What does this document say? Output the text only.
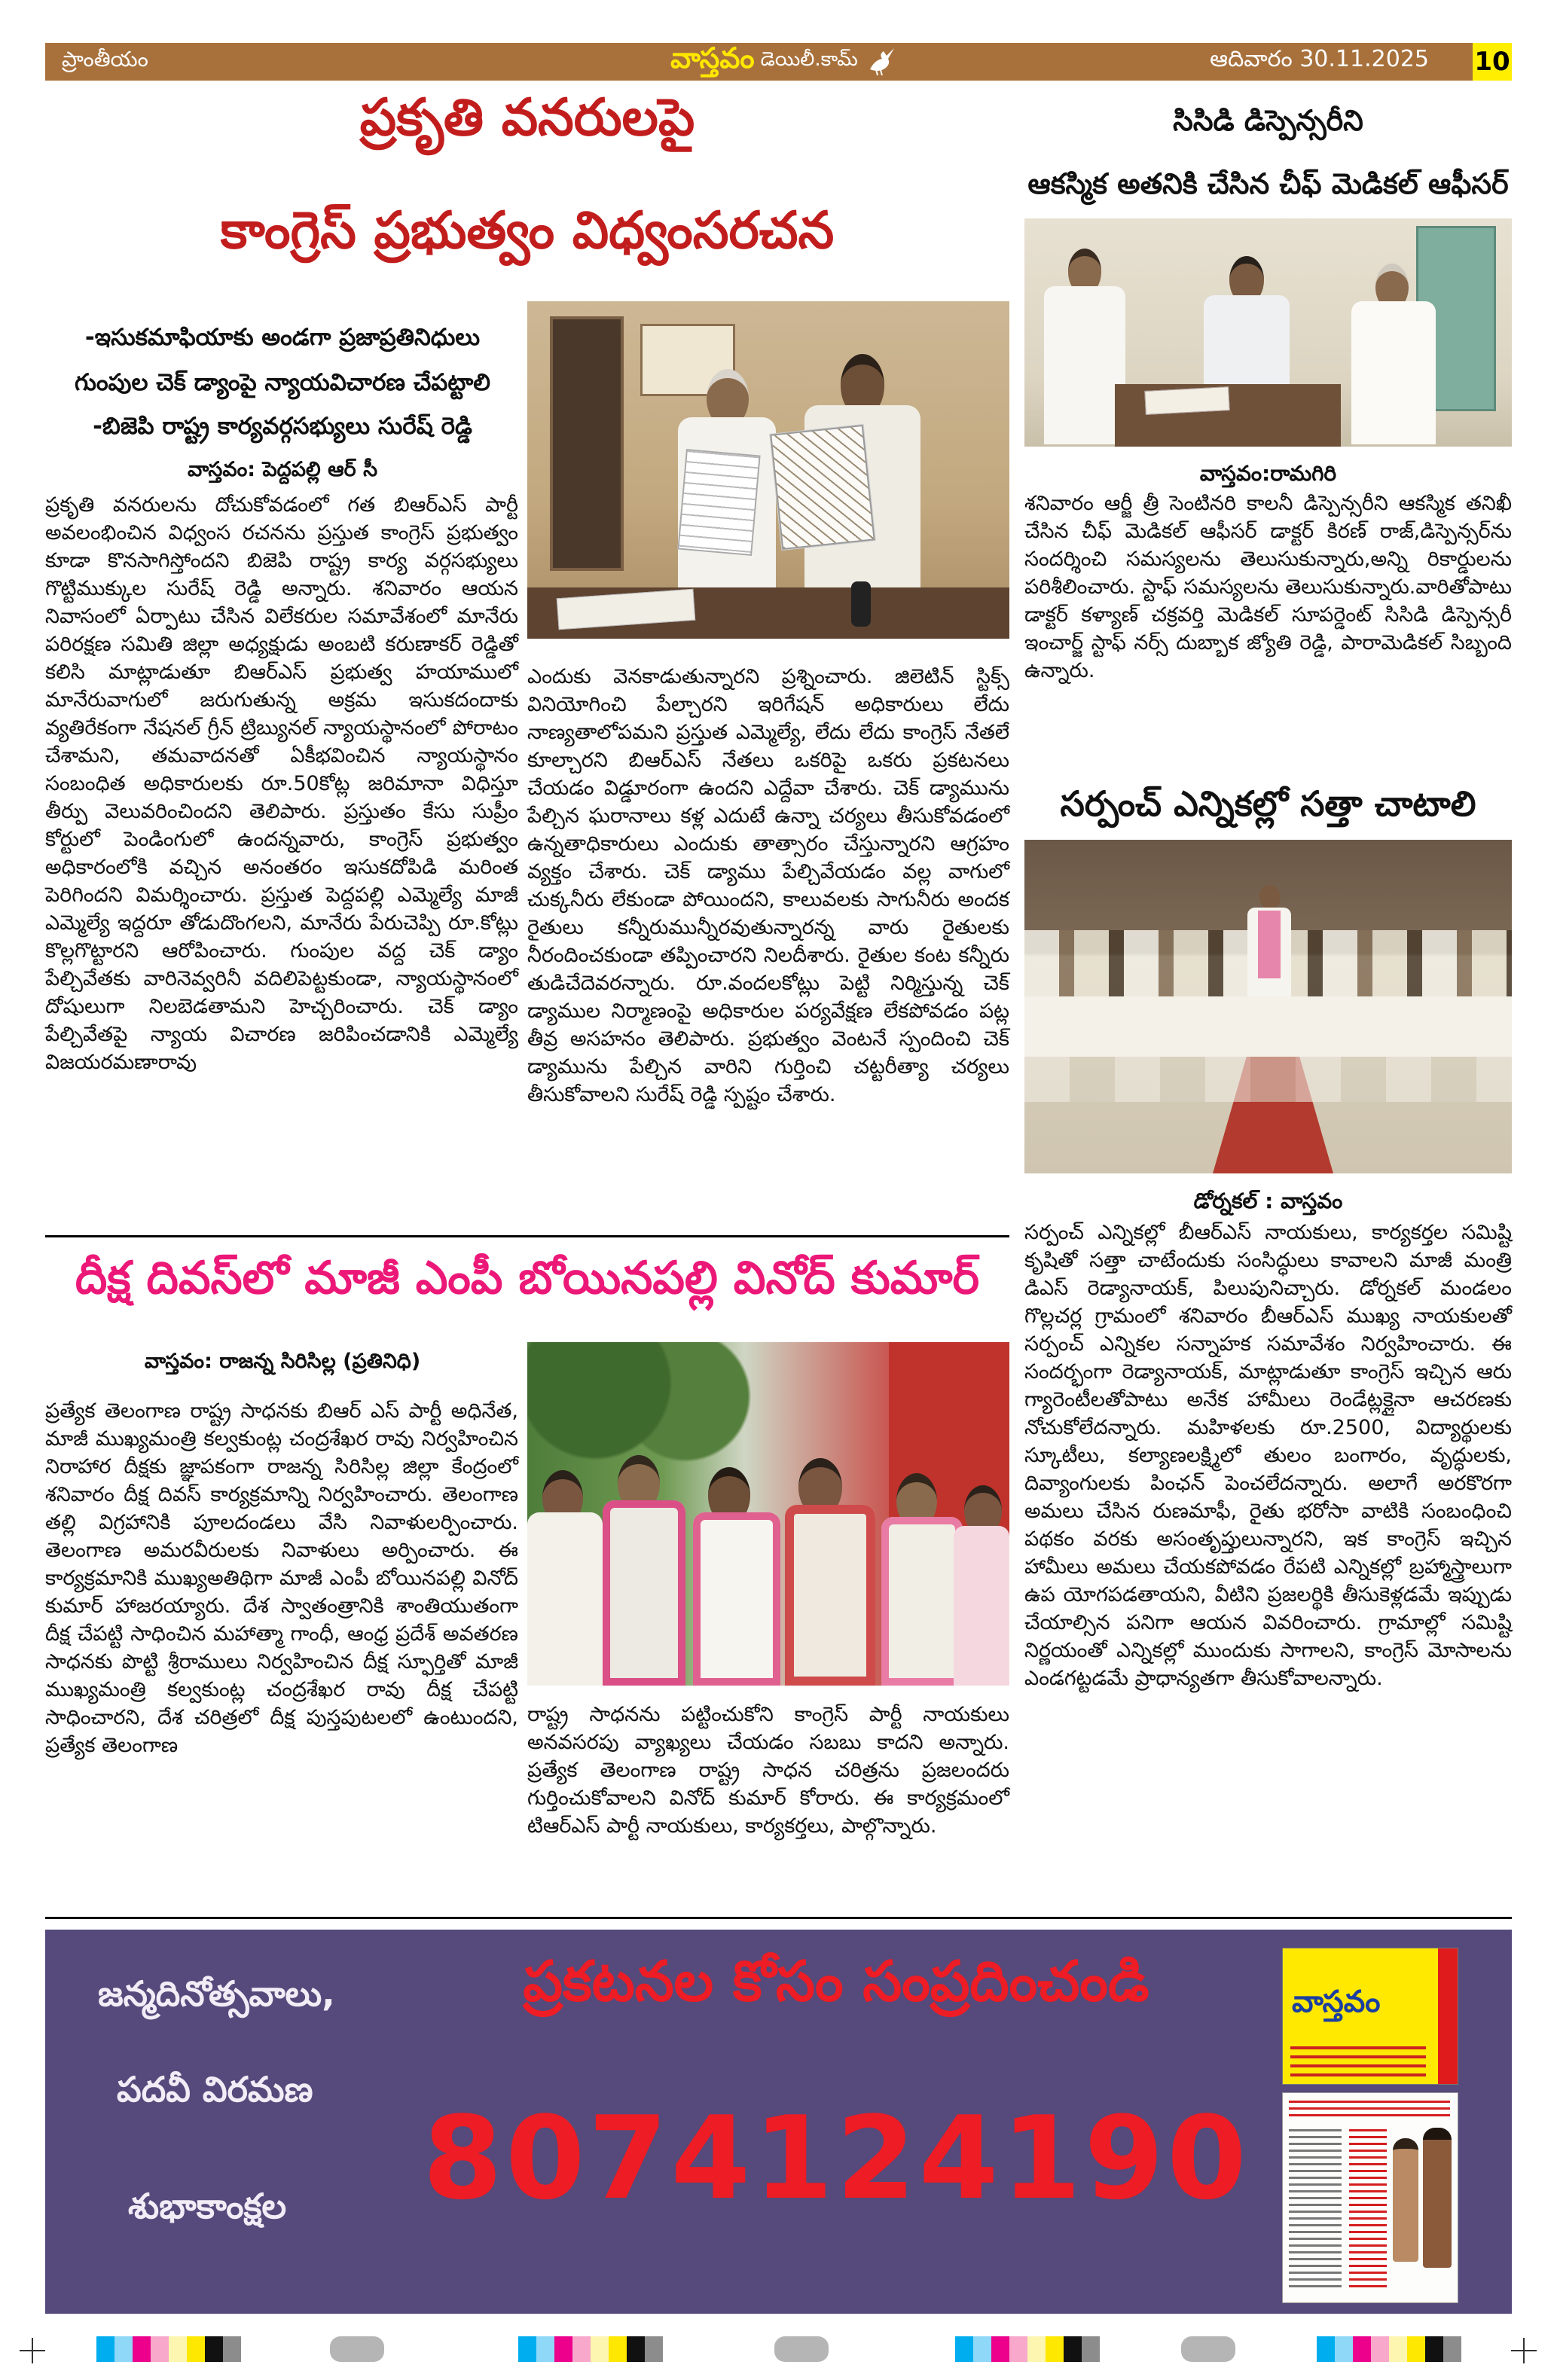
ప్రాంతీయం	వాస్తవం డెయిలీ.కామ్	ఆదివారం 30.11.2025 10
ప్రకృతి వనరులపై
కాంగ్రెస్ ప్రభుత్వం విధ్వంసరచన
-ఇసుకమాఫియాకు అండగా ప్రజాప్రతినిధులు
గుంపుల చెక్ డ్యాంపై న్యాయవిచారణ చేపట్టాలి
-బిజెపి రాష్ట్ర కార్యవర్గసభ్యులు సురేష్ రెడ్డి
వాస్తవం: పెద్దపల్లి ఆర్ సీ
ప్రకృతి వనరులను దోచుకోవడంలో గత బిఆర్ఎస్ పార్టీ అవలంభించిన విధ్వంస రచనను ప్రస్తుత కాంగ్రెస్ ప్రభుత్వం కూడా కొనసాగిస్తోందని బిజెపి రాష్ట్ర కార్య వర్గసభ్యులు గొట్టిముక్కుల సురేష్ రెడ్డి అన్నారు. శనివారం ఆయన నివాసంలో ఏర్పాటు చేసిన విలేకరుల సమావేశంలో మానేరు పరిరక్షణ సమితి జిల్లా అధ్యక్షుడు అంబటి కరుణాకర్ రెడ్డితో కలిసి మాట్లాడుతూ బిఆర్ఎస్ ప్రభుత్వ హయాములో మానేరువాగులో జరుగుతున్న అక్రమ ఇసుకదందాకు వ్యతిరేకంగా నేషనల్ గ్రీన్ ట్రిబ్యునల్ న్యాయస్థానంలో పోరాటం చేశామని, తమవాదనతో ఏకీభవించిన న్యాయస్థానం సంబంధిత అధికారులకు రూ.50కోట్ల జరిమానా విధిస్తూ తీర్పు వెలువరించిందని తెలిపారు. ప్రస్తుతం కేసు సుప్రీం కోర్టులో పెండింగులో ఉందన్నవారు, కాంగ్రెస్ ప్రభుత్వం అధికారంలోకి వచ్చిన అనంతరం ఇసుకదోపిడి మరింత పెరిగిందని విమర్శించారు. ప్రస్తుత పెద్దపల్లి ఎమ్మెల్యే మాజీ ఎమ్మెల్యే ఇద్దరూ తోడుదొంగలని, మానేరు పేరుచెప్పి రూ.కోట్లు కొల్లగొట్టారని ఆరోపించారు. గుంపుల వద్ద చెక్ డ్యాం పేల్చివేతకు వారినెవ్వరినీ వదిలిపెట్టకుండా, న్యాయస్థానంలో దోషులుగా నిలబెడతామని హెచ్చరించారు. చెక్ డ్యాం పేల్చివేతపై న్యాయ విచారణ జరిపించడానికి ఎమ్మెల్యే విజయరమణారావు
ఎందుకు వెనకాడుతున్నారని ప్రశ్నించారు. జిలెటిన్ స్టిక్స్ వినియోగించి పేల్చారని ఇరిగేషన్ అధికారులు లేదు నాణ్యతాలోపమని ప్రస్తుత ఎమ్మెల్యే, లేదు లేదు కాంగ్రెస్ నేతలే కూల్చారని బిఆర్ఎస్ నేతలు ఒకరిపై ఒకరు ప్రకటనలు చేయడం విడ్డూరంగా ఉందని ఎద్దేవా చేశారు. చెక్ డ్యామును పేల్చిన ఘరానాలు కళ్ల ఎదుటే ఉన్నా చర్యలు తీసుకోవడంలో ఉన్నతాధికారులు ఎందుకు తాత్సారం చేస్తున్నారని ఆగ్రహం వ్యక్తం చేశారు. చెక్ డ్యాము పేల్చివేయడం వల్ల వాగులో చుక్కనీరు లేకుండా పోయిందని, కాలువలకు సాగునీరు అందక రైతులు కన్నీరుమున్నీరవుతున్నారన్న వారు రైతులకు నీరందించకుండా తప్పించారని నిలదీశారు. రైతుల కంట కన్నీరు తుడిచేదెవరన్నారు. రూ.వందలకోట్లు పెట్టి నిర్మిస్తున్న చెక్ డ్యాముల నిర్మాణంపై అధికారుల పర్యవేక్షణ లేకపోవడం పట్ల తీవ్ర అసహనం తెలిపారు. ప్రభుత్వం వెంటనే స్పందించి చెక్ డ్యామును పేల్చిన వారిని గుర్తించి చట్టరీత్యా చర్యలు తీసుకోవాలని సురేష్ రెడ్డి స్పష్టం చేశారు.
సిసిడి డిస్పెన్సరీని
ఆకస్మిక అతనికి చేసిన చీఫ్ మెడికల్ ఆఫీసర్
వాస్తవం:రామగిరి
శనివారం ఆర్జీ త్రీ సెంటినరి కాలనీ డిస్పెన్సరీని ఆకస్మిక తనిఖీ చేసిన చీఫ్ మెడికల్ ఆఫీసర్ డాక్టర్ కిరణ్ రాజ్,డిస్పెన్సర్‌ను సందర్శించి సమస్యలను తెలుసుకున్నారు,అన్ని రికార్డులను పరిశీలించారు. స్టాఫ్ సమస్యలను తెలుసుకున్నారు.వారితోపాటు డాక్టర్ కళ్యాణ్ చక్రవర్తి మెడికల్ సూపర్డెంట్ సిసిడి డిస్పెన్సరీ ఇంచార్జ్ స్టాఫ్ నర్స్ దుబ్బాక జ్యోతి రెడ్డి, పారామెడికల్ సిబ్బంది ఉన్నారు.
సర్పంచ్ ఎన్నికల్లో సత్తా చాటాలి
డోర్నకల్ : వాస్తవం
సర్పంచ్ ఎన్నికల్లో బీఆర్ఎస్ నాయకులు, కార్యకర్తల సమిష్టి కృషితో సత్తా చాటేందుకు సంసిద్ధులు కావాలని మాజీ మంత్రి డిఎస్ రెడ్యానాయక్, పిలుపునిచ్చారు. డోర్నకల్ మండలం గొల్లచర్ల గ్రామంలో శనివారం బీఆర్ఎస్ ముఖ్య నాయకులతో సర్పంచ్ ఎన్నికల సన్నాహక సమావేశం నిర్వహించారు. ఈ సందర్భంగా రెడ్యానాయక్, మాట్లాడుతూ కాంగ్రెస్ ఇచ్చిన ఆరు గ్యారెంటీలతోపాటు అనేక హామీలు రెండేట్లక్లైనా ఆచరణకు నోచుకోలేదన్నారు. మహిళలకు రూ.2500, విద్యార్థులకు స్కూటీలు, కల్యాణలక్ష్మిలో తులం బంగారం, వృద్ధులకు, దివ్యాంగులకు పింఛన్ పెంచలేదన్నారు. అలాగే అరకొరగా అమలు చేసిన రుణమాఫీ, రైతు భరోసా వాటికి సంబంధించి పథకం వరకు అసంతృప్తులున్నారని, ఇక కాంగ్రెస్ ఇచ్చిన హామీలు అమలు చేయకపోవడం రేపటి ఎన్నికల్లో బ్రహ్మాస్త్రాలుగా ఉప యోగపడతాయని, వీటిని ప్రజలర్థికి తీసుకెళ్లడమే ఇప్పుడు చేయాల్సిన పనిగా ఆయన వివరించారు. గ్రామాల్లో సమిష్టి నిర్ణయంతో ఎన్నికల్లో ముందుకు సాగాలని, కాంగ్రెస్ మోసాలను ఎండగట్టడమే ప్రాధాన్యతగా తీసుకోవాలన్నారు.
దీక్ష దివస్‌లో మాజీ ఎంపీ బోయినపల్లి వినోద్ కుమార్
వాస్తవం: రాజన్న సిరిసిల్ల (ప్రతినిధి)
ప్రత్యేక తెలంగాణ రాష్ట్ర సాధనకు బిఆర్ ఎస్ పార్టీ అధినేత, మాజీ ముఖ్యమంత్రి కల్వకుంట్ల చంద్రశేఖర రావు నిర్వహించిన నిరాహార దీక్షకు జ్ఞాపకంగా రాజన్న సిరిసిల్ల జిల్లా కేంద్రంలో శనివారం దీక్ష దివస్ కార్యక్రమాన్ని నిర్వహించారు. తెలంగాణ తల్లి విగ్రహానికి పూలదండలు వేసి నివాళులర్పించారు. తెలంగాణ అమరవీరులకు నివాళులు అర్పించారు. ఈ కార్యక్రమానికి ముఖ్యఅతిథిగా మాజీ ఎంపీ బోయినపల్లి వినోద్ కుమార్ హాజరయ్యారు. దేశ స్వాతంత్రానికి శాంతియుతంగా దీక్ష చేపట్టి సాధించిన మహాత్మా గాంధీ, ఆంధ్ర ప్రదేశ్ అవతరణ సాధనకు పొట్టి శ్రీరాములు నిర్వహించిన దీక్ష స్ఫూర్తితో మాజీ ముఖ్యమంత్రి కల్వకుంట్ల చంద్రశేఖర రావు దీక్ష చేపట్టి సాధించారని, దేశ చరిత్రలో దీక్ష పుస్తపుటలలో ఉంటుందని, ప్రత్యేక తెలంగాణ
రాష్ట్ర సాధనను పట్టించుకోని కాంగ్రెస్ పార్టీ నాయకులు అనవసరపు వ్యాఖ్యలు చేయడం సబబు కాదని అన్నారు. ప్రత్యేక తెలంగాణ రాష్ట్ర సాధన చరిత్రను ప్రజలందరు గుర్తించుకోవాలని వినోద్ కుమార్ కోరారు. ఈ కార్యక్రమంలో టిఆర్ఎస్ పార్టీ నాయకులు, కార్యకర్తలు, పాల్గొన్నారు.
జన్మదినోత్సవాలు,
పదవీ విరమణ
శుభాకాంక్షల
ప్రకటనల కోసం సంప్రదించండి
8074124190
వాస్తవం
